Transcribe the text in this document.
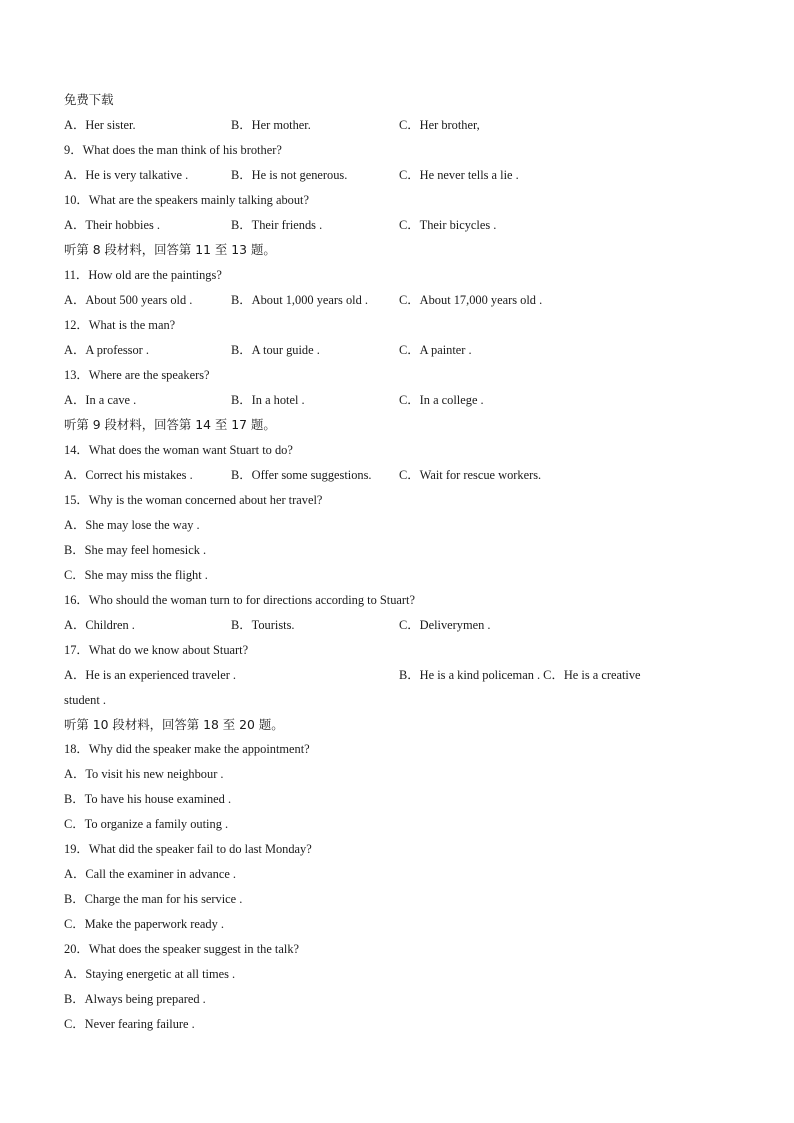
免费下载
A．Her sister.	B．Her mother.	C．Her brother,
9．What does the man think of his brother?
A．He is very talkative .	B．He is not generous.	C．He never tells a lie .
10．What are the speakers mainly talking about?
A．Their hobbies .	B．Their friends .	C．Their bicycles .
听第 8 段材料，回答第 11 至 13 题。
11．How old are the paintings?
A．About 500 years old .	B．About 1,000 years old .	C．About 17,000 years old .
12．What is the man?
A．A professor .	B．A tour guide .	C．A painter .
13．Where are the speakers?
A．In a cave .	B．In a hotel .	C．In a college .
听第 9 段材料，回答第 14 至 17 题。
14．What does the woman want Stuart to do?
A．Correct his mistakes .	B．Offer some suggestions. C．Wait for rescue workers.
15．Why is the woman concerned about her travel?
A．She may lose the way .
B．She may feel homesick .
C．She may miss the flight .
16．Who should the woman turn to for directions according to Stuart?
A．Children .	B．Tourists.	C．Deliverymen .
17．What do we know about Stuart?
A．He is an experienced traveler .	B．He is a kind policeman . C．He is a creative
student .
听第 10 段材料，回答第 18 至 20 题。
18．Why did the speaker make the appointment?
A．To visit his new neighbour .
B．To have his house examined .
C．To organize a family outing .
19．What did the speaker fail to do last Monday?
A．Call the examiner in advance .
B．Charge the man for his service .
C．Make the paperwork ready .
20．What does the speaker suggest in the talk?
A．Staying energetic at all times .
B．Always being prepared .
C．Never fearing failure .
